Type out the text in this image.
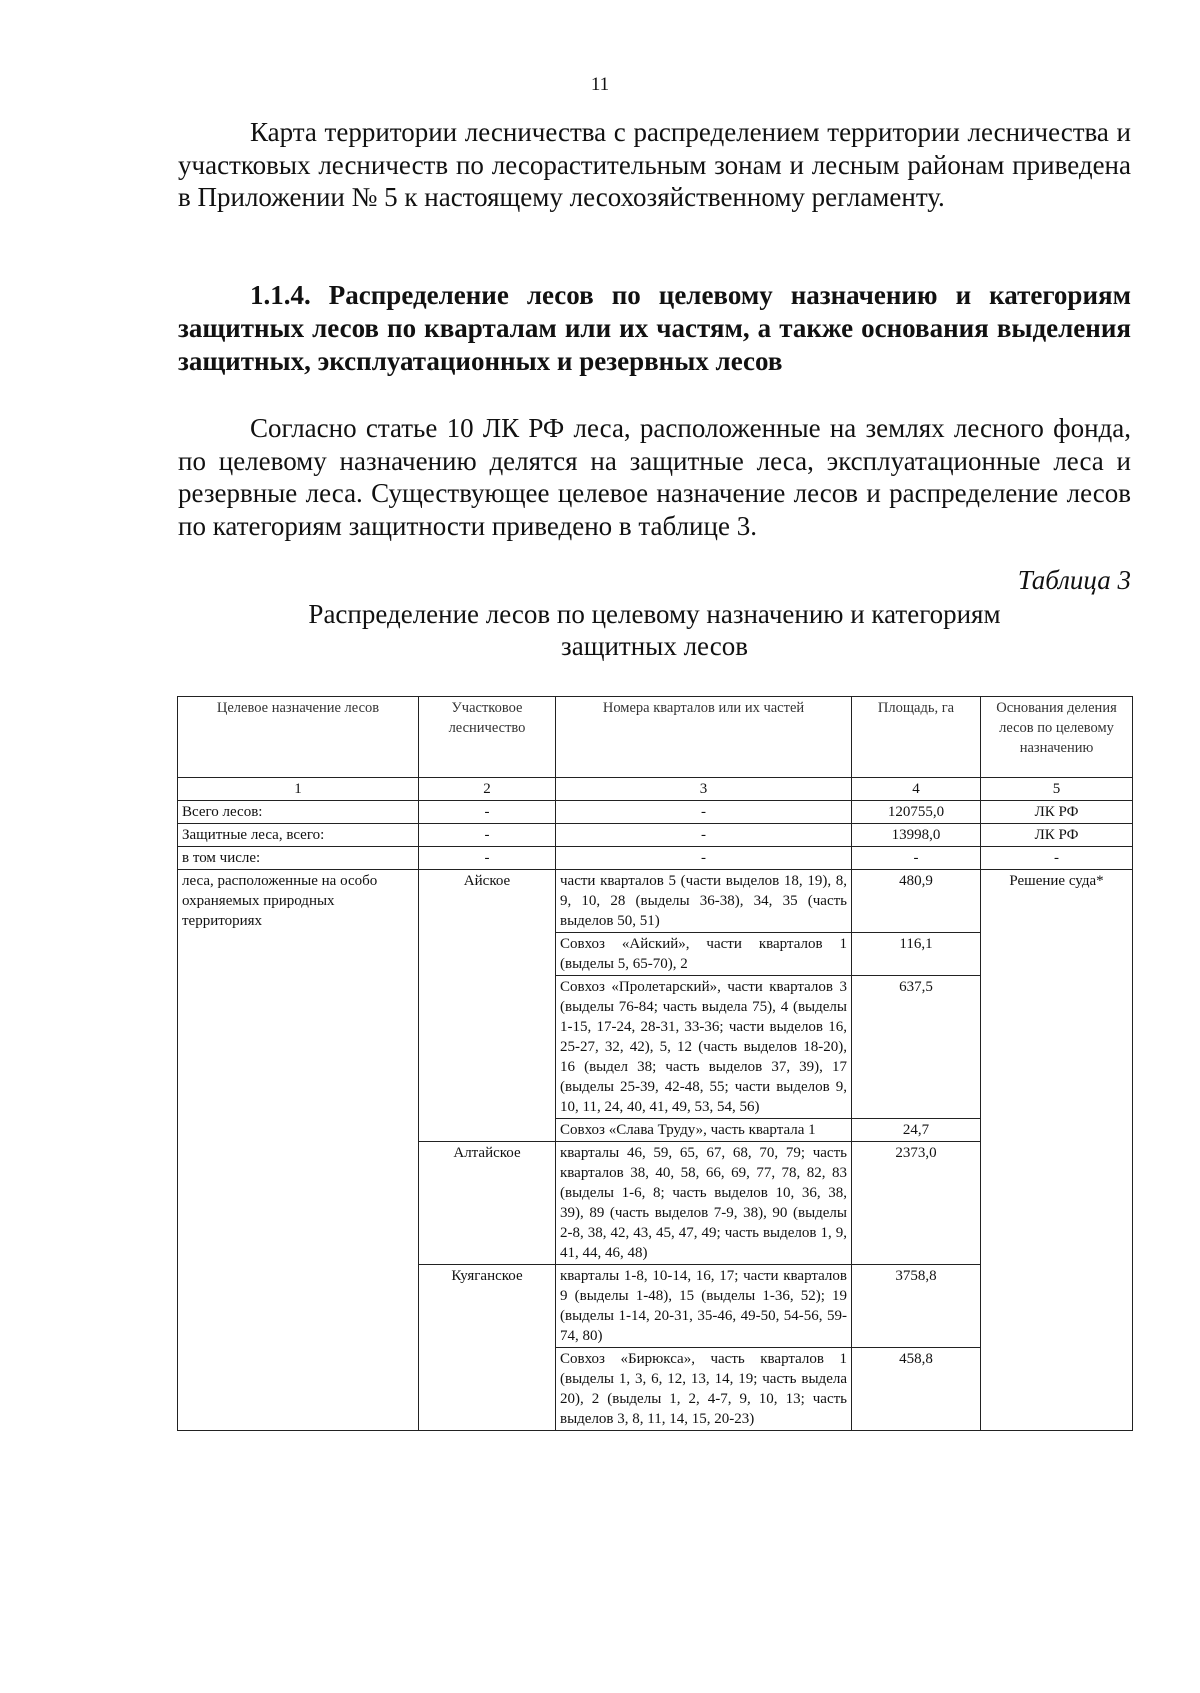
11

Карта территории лесничества с распределением территории лесничества и участковых лесничеств по лесорастительным зонам и лесным районам приведена в Приложении № 5 к настоящему лесохозяйственному регламенту.

1.1.4. Распределение лесов по целевому назначению и категориям защитных лесов по кварталам или их частям, а также основания выделения защитных, эксплуатационных и резервных лесов

Согласно статье 10 ЛК РФ леса, расположенные на землях лесного фонда, по целевому назначению делятся на защитные леса, эксплуатационные леса и резервные леса. Существующее целевое назначение лесов и распределение лесов по категориям защитности приведено в таблице 3.

Таблица 3
Распределение лесов по целевому назначению и категориям
защитных лесов
Целевое назначение лесов	Участковое лесничество	Номера кварталов или их частей	Площадь, га	Основания деления лесов по целевому назначению
1	2	3	4	5
Всего лесов:	-	-	120755,0	ЛК РФ
Защитные леса, всего:	-	-	13998,0	ЛК РФ
в том числе:	-	-	-	-
леса, расположенные на особо охраняемых природных территориях	Айское	части кварталов 5 (части выделов 18, 19), 8, 9, 10, 28 (выделы 36-38), 34, 35 (часть выделов 50, 51)	480,9	Решение суда*
		Совхоз «Айский», части кварталов 1 (выделы 5, 65-70), 2	116,1	
		Совхоз «Пролетарский», части кварталов 3 (выделы 76-84; часть выдела 75), 4 (выделы 1-15, 17-24, 28-31, 33-36; части выделов 16, 25-27, 32, 42), 5, 12 (часть выделов 18-20), 16 (выдел 38; часть выделов 37, 39), 17 (выделы 25-39, 42-48, 55; части выделов 9, 10, 11, 24, 40, 41, 49, 53, 54, 56)	637,5	
		Совхоз «Слава Труду», часть квартала 1	24,7	
	Алтайское	кварталы 46, 59, 65, 67, 68, 70, 79; часть кварталов 38, 40, 58, 66, 69, 77, 78, 82, 83 (выделы 1-6, 8; часть выделов 10, 36, 38, 39), 89 (часть выделов 7-9, 38), 90 (выделы 2-8, 38, 42, 43, 45, 47, 49; часть выделов 1, 9, 41, 44, 46, 48)	2373,0	
	Куяганское	кварталы 1-8, 10-14, 16, 17; части кварталов 9 (выделы 1-48), 15 (выделы 1-36, 52); 19 (выделы 1-14, 20-31, 35-46, 49-50, 54-56, 59-74, 80)	3758,8	
		Совхоз «Бирюкса», часть кварталов 1 (выделы 1, 3, 6, 12, 13, 14, 19; часть выдела 20), 2 (выделы 1, 2, 4-7, 9, 10, 13; часть выделов 3, 8, 11, 14, 15, 20-23)	458,8	
